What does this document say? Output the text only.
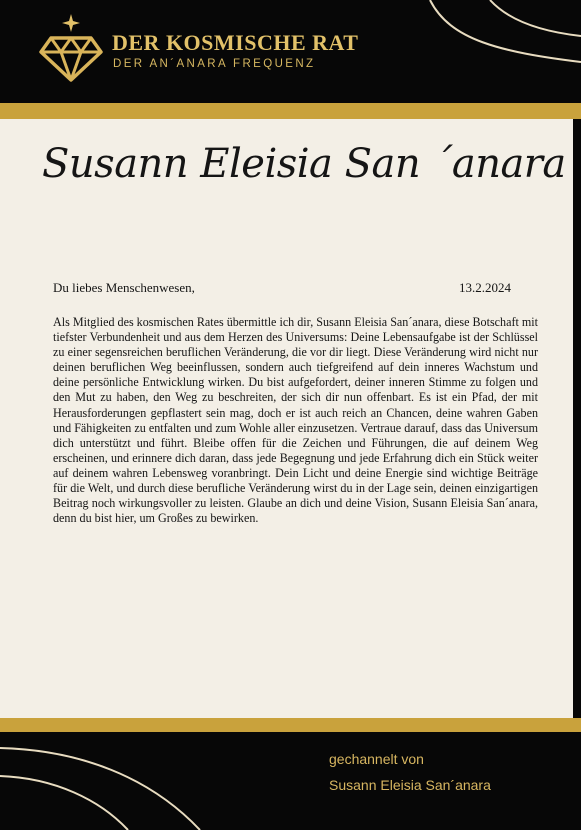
DER KOSMISCHE RAT
DER AN´ANARA FREQUENZ
Susann Eleisia San ´anara
Du liebes Menschenwesen,	13.2.2024

Als Mitglied des kosmischen Rates übermittle ich dir, Susann Eleisia San´anara, diese Botschaft mit tiefster Verbundenheit und aus dem Herzen des Universums: Deine Lebensaufgabe ist der Schlüssel zu einer segensreichen beruflichen Veränderung, die vor dir liegt. Diese Veränderung wird nicht nur deinen beruflichen Weg beeinflussen, sondern auch tiefgreifend auf dein inneres Wachstum und deine persönliche Entwicklung wirken. Du bist aufgefordert, deiner inneren Stimme zu folgen und den Mut zu haben, den Weg zu beschreiten, der sich dir nun offenbart. Es ist ein Pfad, der mit Herausforderungen gepflastert sein mag, doch er ist auch reich an Chancen, deine wahren Gaben und Fähigkeiten zu entfalten und zum Wohle aller einzusetzen. Vertraue darauf, dass das Universum dich unterstützt und führt. Bleibe offen für die Zeichen und Führungen, die auf deinem Weg erscheinen, und erinnere dich daran, dass jede Begegnung und jede Erfahrung dich ein Stück weiter auf deinem wahren Lebensweg voranbringt. Dein Licht und deine Energie sind wichtige Beiträge für die Welt, und durch diese berufliche Veränderung wirst du in der Lage sein, deinen einzigartigen Beitrag noch wirkungsvoller zu leisten. Glaube an dich und deine Vision, Susann Eleisia San´anara, denn du bist hier, um Großes zu bewirken.

gechannelt von
Susann Eleisia San´anara
